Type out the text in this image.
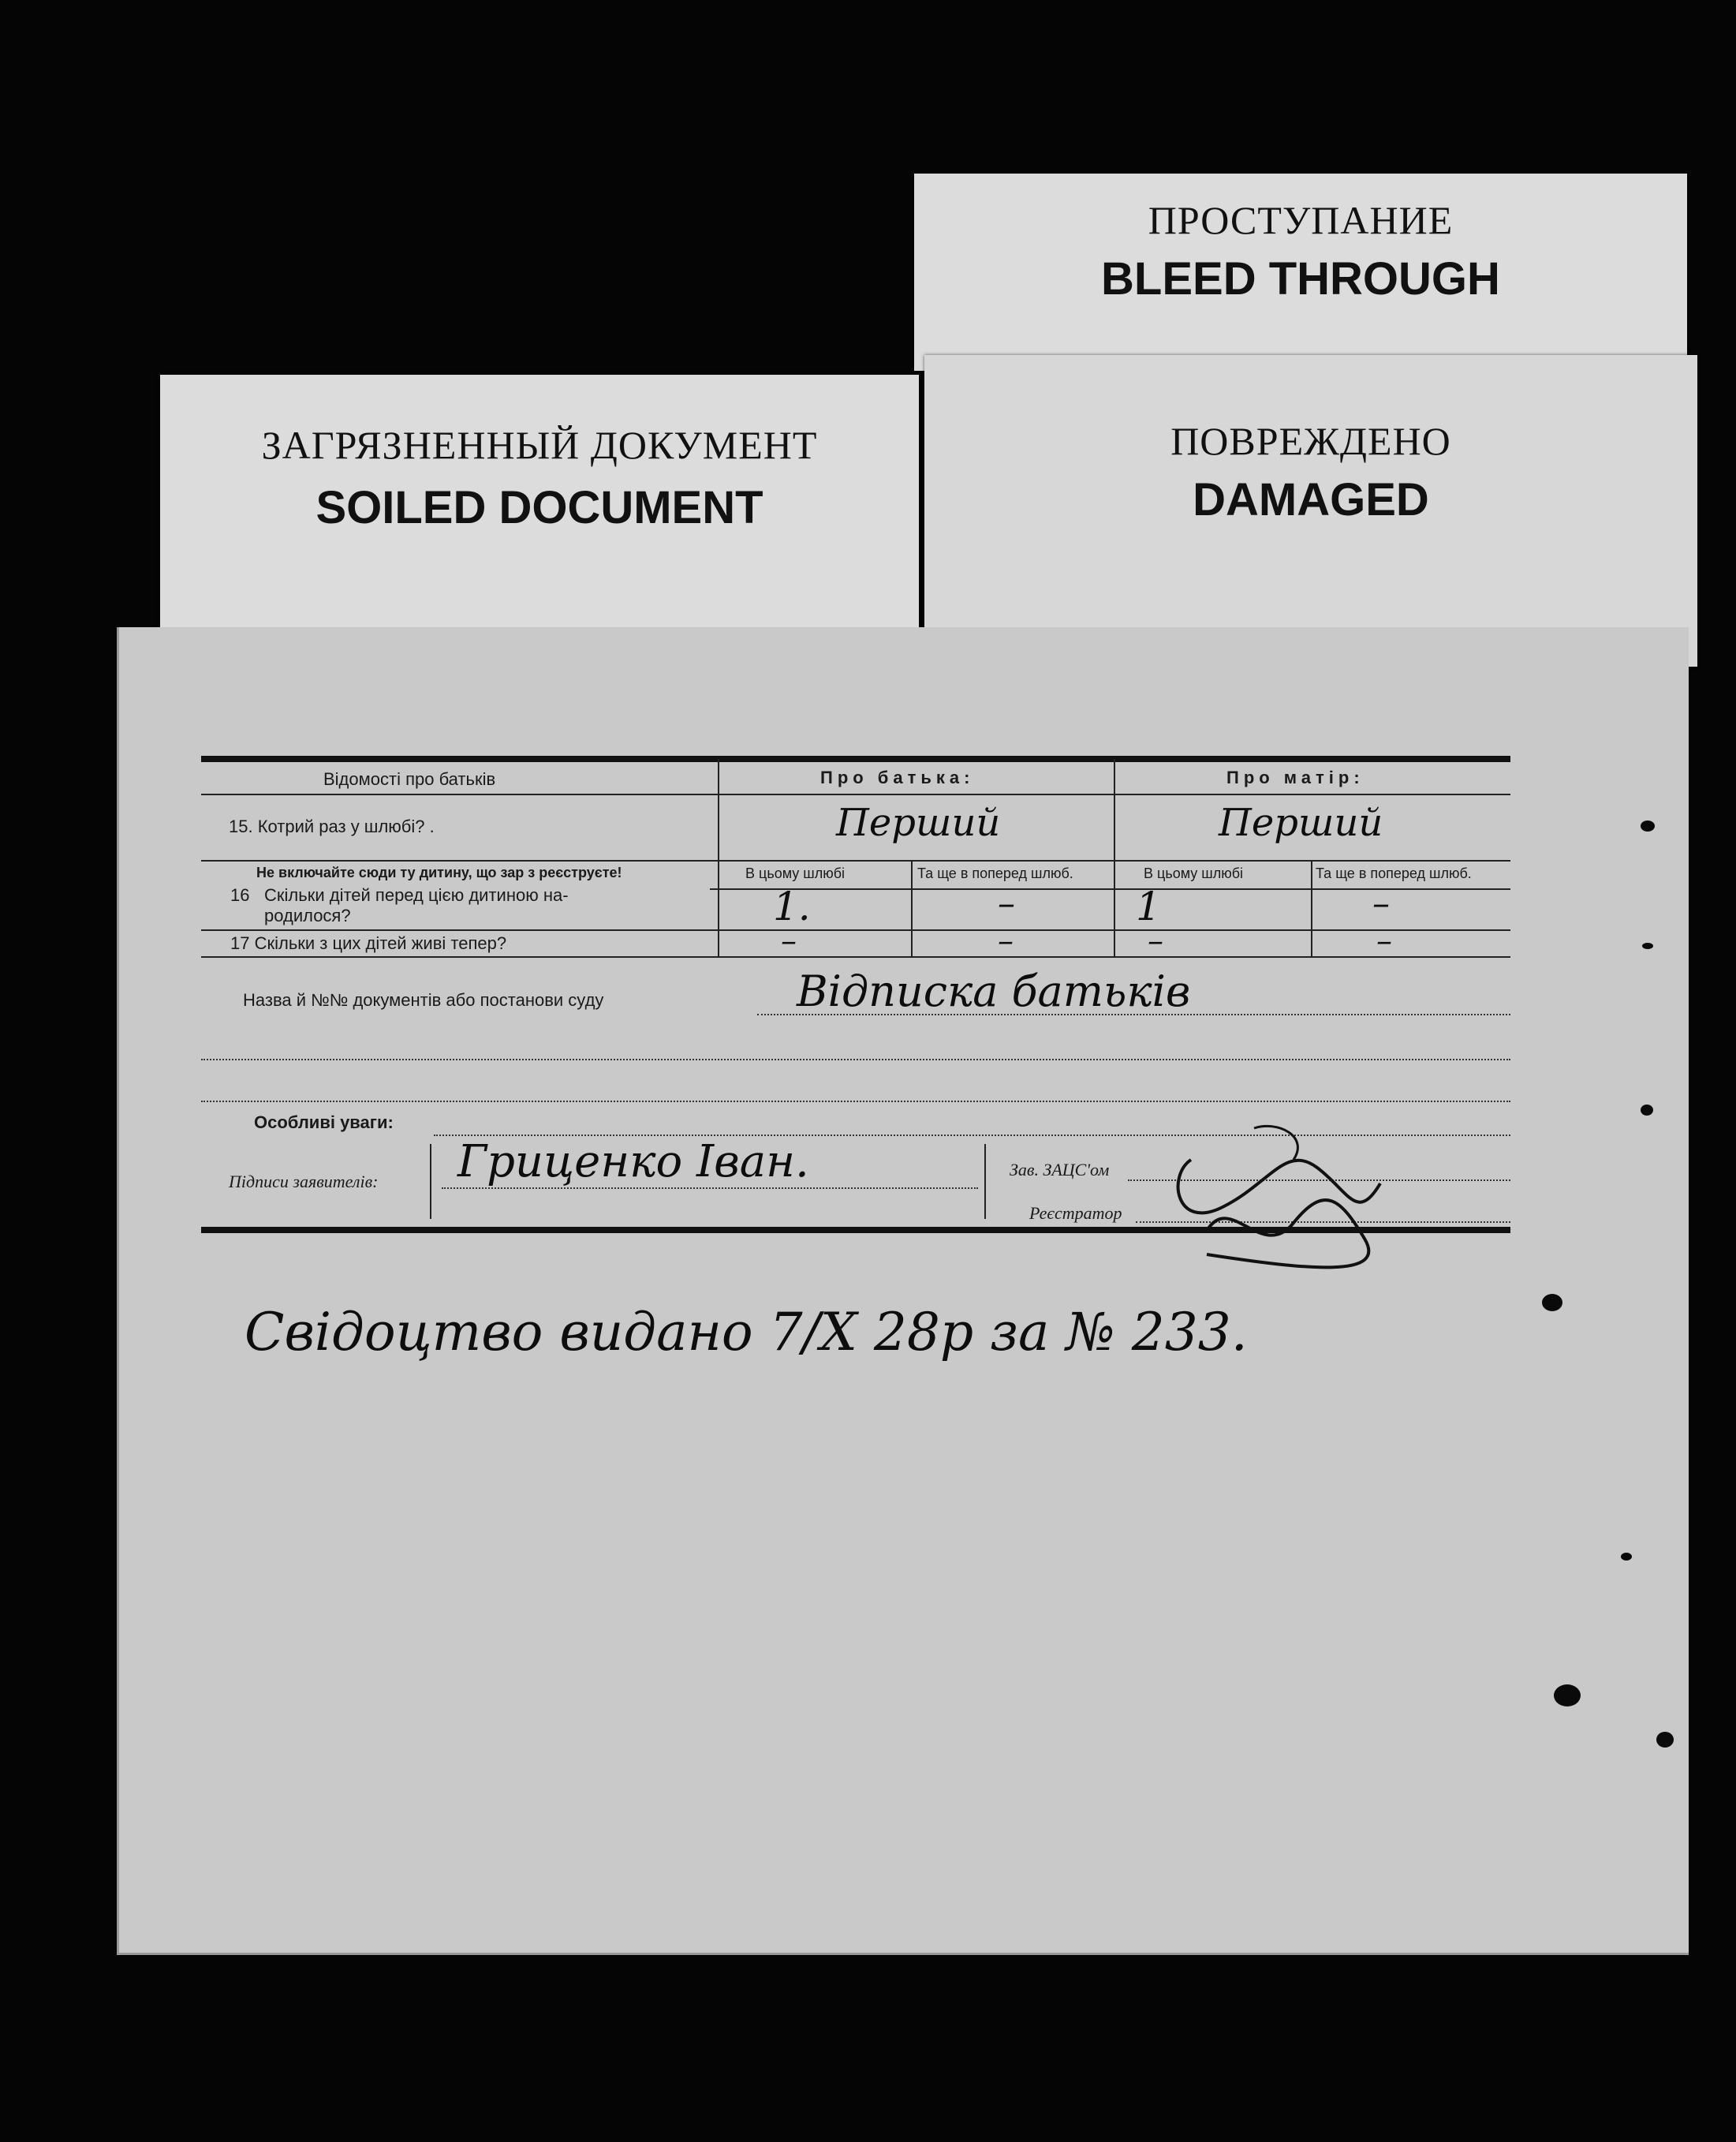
ПРОСТУПАНИЕ
BLEED THROUGH
ПОВРЕЖДЕНО
DAMAGED
ЗАГРЯЗНЕННЫЙ ДОКУМЕНТ
SOILED DOCUMENT
Відомості про батьків	Про батька:	Про матір:
15. Котрий раз у шлюбі? .	Перший	Перший
Не включайте сюди ту дитину, що зар з реєструєте!
16 Скільки дітей перед цією дитиною на-
родилося?
В цьому шлюбі	Та ще в поперед шлюб.	В цьому шлюбі	Та ще в поперед шлюб.
1.	–	1	–
17 Скільки з цих дітей живі тепер?	–	–	–	–
Назва й №№ документів або постанови суду	Відписка батьків
Особливі уваги:
Підписи заявителів: Гриценко Іван.	Зав. ЗАЦС'ом
Реєстратор
Свідоцтво видано 7/Х 28р за № 233.
